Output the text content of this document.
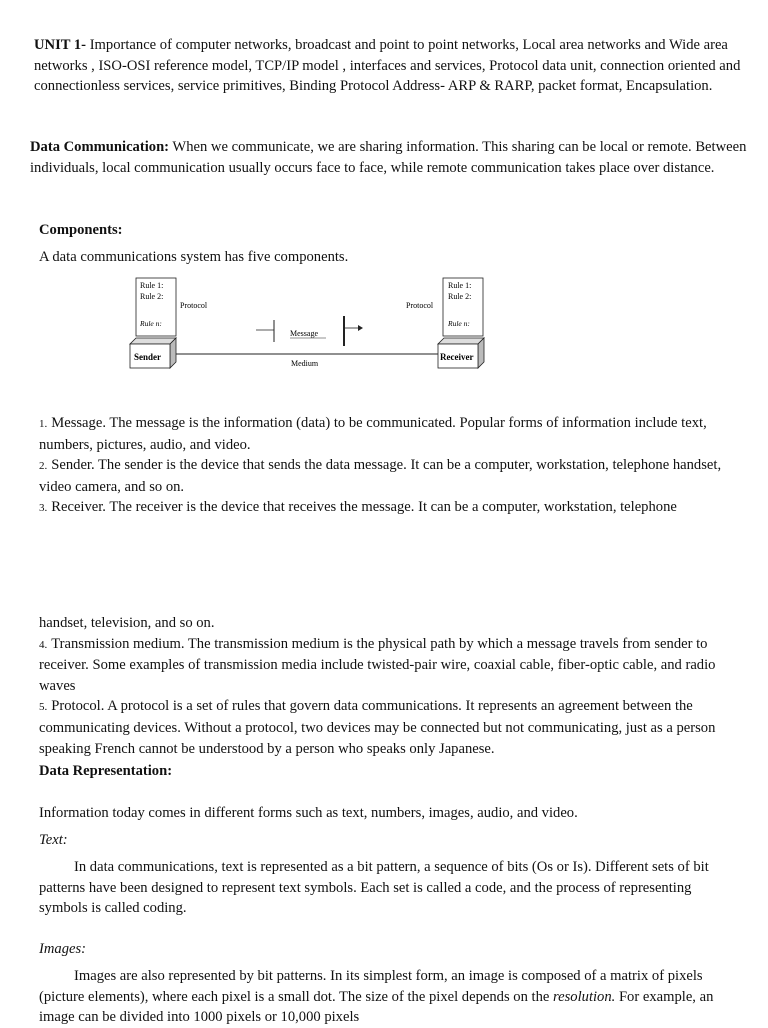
UNIT 1- Importance of computer networks, broadcast and point to point networks, Local area networks and Wide area networks , ISO-OSI reference model, TCP/IP model , interfaces and services, Protocol data unit, connection oriented and connectionless services, service primitives, Binding Protocol Address- ARP & RARP, packet format, Encapsulation.

Data Communication: When we communicate, we are sharing information. This sharing can be local or remote. Between individuals, local communication usually occurs face to face, while remote communication takes place over distance.

Components:
A data communications system has five components.
Rule 1:
Rule 2:
Rule n:
Protocol
Sender
Medium
Message
Rule 1:
Rule 2:
Rule n:
Protocol
Receiver

1. Message. The message is the information (data) to be communicated. Popular forms of information include text, numbers, pictures, audio, and video.

2. Sender. The sender is the device that sends the data message. It can be a computer, workstation, telephone handset, video camera, and so on.

3. Receiver. The receiver is the device that receives the message. It can be a computer, workstation, telephone

handset, television, and so on.

4. Transmission medium. The transmission medium is the physical path by which a message travels from sender to receiver. Some examples of transmission media include twisted-pair wire, coaxial cable, fiber-optic cable, and radio waves

5. Protocol. A protocol is a set of rules that govern data communications. It represents an agreement between the communicating devices. Without a protocol, two devices may be connected but not communicating, just as a person speaking French cannot be understood by a person who speaks only Japanese.

Data Representation:
Information today comes in different forms such as text, numbers, images, audio, and video.
Text:

In data communications, text is represented as a bit pattern, a sequence of bits (Os or Is). Different sets of bit patterns have been designed to represent text symbols. Each set is called a code, and the process of representing symbols is called coding.

Images:

Images are also represented by bit patterns. In its simplest form, an image is composed of a matrix of pixels (picture elements), where each pixel is a small dot. The size of the pixel depends on the resolution. For example, an image can be divided into 1000 pixels or 10,000 pixels
